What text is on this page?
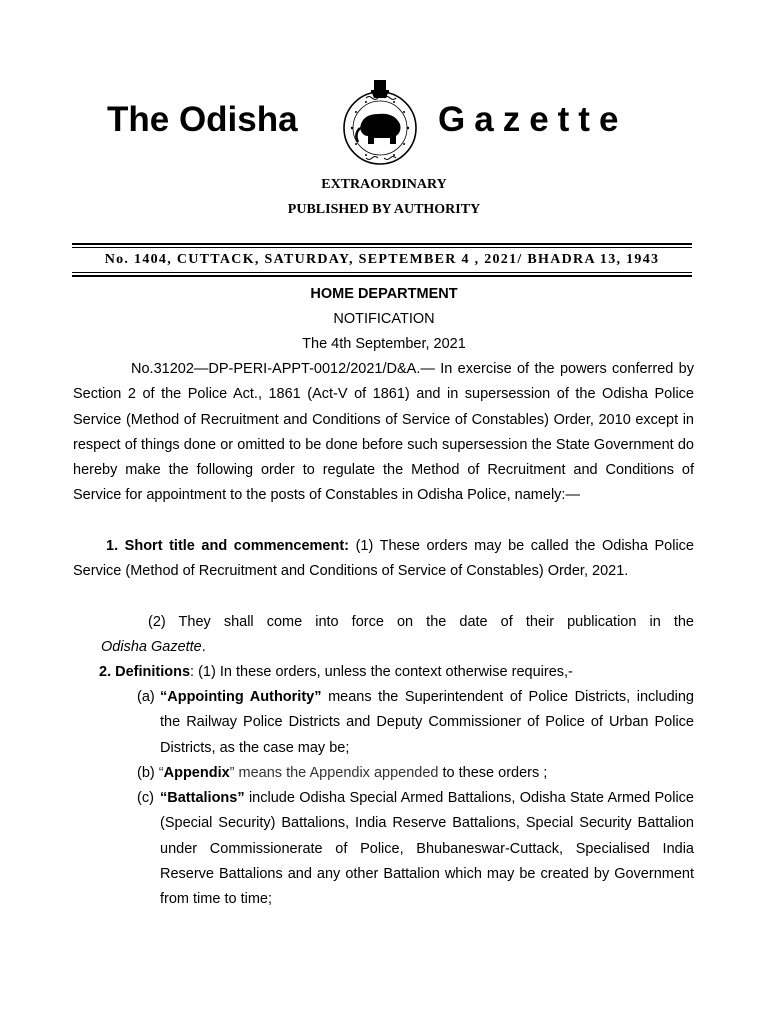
The Odisha	Gazette
EXTRAORDINARY
PUBLISHED BY AUTHORITY
No. 1404, CUTTACK, SATURDAY, SEPTEMBER 4 , 2021/ BHADRA 13, 1943
HOME DEPARTMENT
NOTIFICATION
The 4th September, 2021
No.31202—DP-PERI-APPT-0012/2021/D&A.— In exercise of the powers conferred by Section 2 of the Police Act., 1861 (Act-V of 1861) and in supersession of the Odisha Police Service (Method of Recruitment and Conditions of Service of Constables) Order, 2010 except in respect of things done or omitted to be done before such supersession the State Government do hereby make the following order to regulate the Method of Recruitment and Conditions of Service for appointment to the posts of Constables in Odisha Police, namely:—
1. Short title and commencement: (1) These orders may be called the Odisha Police Service (Method of Recruitment and Conditions of Service of Constables) Order, 2021.
(2) They shall come into force on the date of their publication in the
Odisha Gazette.
2. Definitions: (1) In these orders, unless the context otherwise requires,-
(a) “Appointing Authority” means the Superintendent of Police Districts, including the Railway Police Districts and Deputy Commissioner of Police of Urban Police Districts, as the case may be;
(b) “Appendix” means the Appendix appended to these orders ;
(c) “Battalions” include Odisha Special Armed Battalions, Odisha State Armed Police (Special Security) Battalions, India Reserve Battalions, Special Security Battalion under Commissionerate of Police, Bhubaneswar-Cuttack, Specialised India Reserve Battalions and any other Battalion which may be created by Government from time to time;
